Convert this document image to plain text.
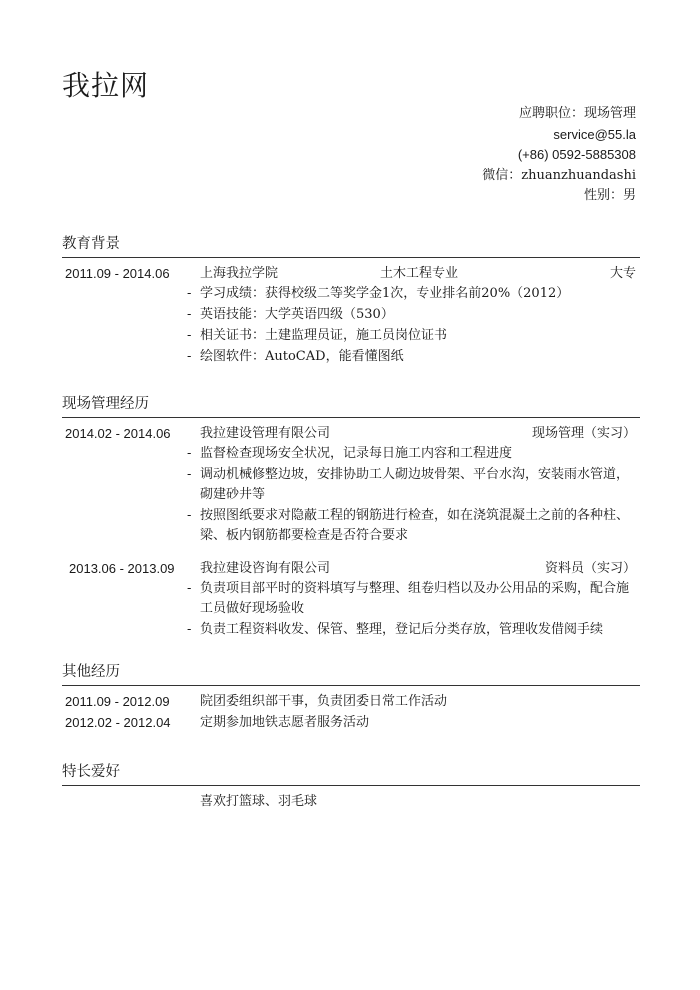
我拉网
应聘职位：现场管理
service@55.la
(+86) 0592-5885308
微信：zhuanzhuandashi
性别：男
教育背景
2011.09 - 2014.06 上海我拉学院	土木工程专业	大专
- 学习成绩：获得校级二等奖学金1次，专业排名前20%（2012）
- 英语技能：大学英语四级（530）
- 相关证书：土建监理员证，施工员岗位证书
- 绘图软件：AutoCAD，能看懂图纸
现场管理经历
2014.02 - 2014.06 我拉建设管理有限公司	现场管理（实习）
- 监督检查现场安全状况，记录每日施工内容和工程进度
- 调动机械修整边坡，安排协助工人砌边坡骨架、平台水沟，安装雨水管道，砌建砂井等
- 按照图纸要求对隐蔽工程的钢筋进行检查，如在浇筑混凝土之前的各种柱、梁、板内钢筋都要检查是否符合要求
2013.06 - 2013.09 我拉建设咨询有限公司	资料员（实习）
- 负责项目部平时的资料填写与整理、组卷归档以及办公用品的采购，配合施工员做好现场验收
- 负责工程资料收发、保管、整理，登记后分类存放，管理收发借阅手续
其他经历
2011.09 - 2012.09 院团委组织部干事，负责团委日常工作活动
2012.02 - 2012.04 定期参加地铁志愿者服务活动
特长爱好
喜欢打篮球、羽毛球
